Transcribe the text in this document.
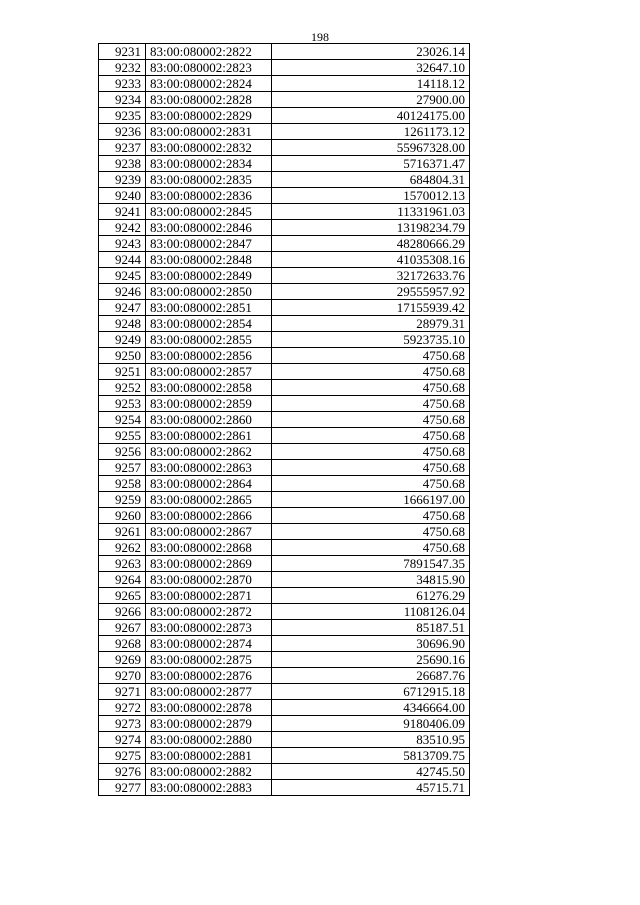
198
9231	83:00:080002:2822	23026.14
9232	83:00:080002:2823	32647.10
9233	83:00:080002:2824	14118.12
9234	83:00:080002:2828	27900.00
9235	83:00:080002:2829	40124175.00
9236	83:00:080002:2831	1261173.12
9237	83:00:080002:2832	55967328.00
9238	83:00:080002:2834	5716371.47
9239	83:00:080002:2835	684804.31
9240	83:00:080002:2836	1570012.13
9241	83:00:080002:2845	11331961.03
9242	83:00:080002:2846	13198234.79
9243	83:00:080002:2847	48280666.29
9244	83:00:080002:2848	41035308.16
9245	83:00:080002:2849	32172633.76
9246	83:00:080002:2850	29555957.92
9247	83:00:080002:2851	17155939.42
9248	83:00:080002:2854	28979.31
9249	83:00:080002:2855	5923735.10
9250	83:00:080002:2856	4750.68
9251	83:00:080002:2857	4750.68
9252	83:00:080002:2858	4750.68
9253	83:00:080002:2859	4750.68
9254	83:00:080002:2860	4750.68
9255	83:00:080002:2861	4750.68
9256	83:00:080002:2862	4750.68
9257	83:00:080002:2863	4750.68
9258	83:00:080002:2864	4750.68
9259	83:00:080002:2865	1666197.00
9260	83:00:080002:2866	4750.68
9261	83:00:080002:2867	4750.68
9262	83:00:080002:2868	4750.68
9263	83:00:080002:2869	7891547.35
9264	83:00:080002:2870	34815.90
9265	83:00:080002:2871	61276.29
9266	83:00:080002:2872	1108126.04
9267	83:00:080002:2873	85187.51
9268	83:00:080002:2874	30696.90
9269	83:00:080002:2875	25690.16
9270	83:00:080002:2876	26687.76
9271	83:00:080002:2877	6712915.18
9272	83:00:080002:2878	4346664.00
9273	83:00:080002:2879	9180406.09
9274	83:00:080002:2880	83510.95
9275	83:00:080002:2881	5813709.75
9276	83:00:080002:2882	42745.50
9277	83:00:080002:2883	45715.71
